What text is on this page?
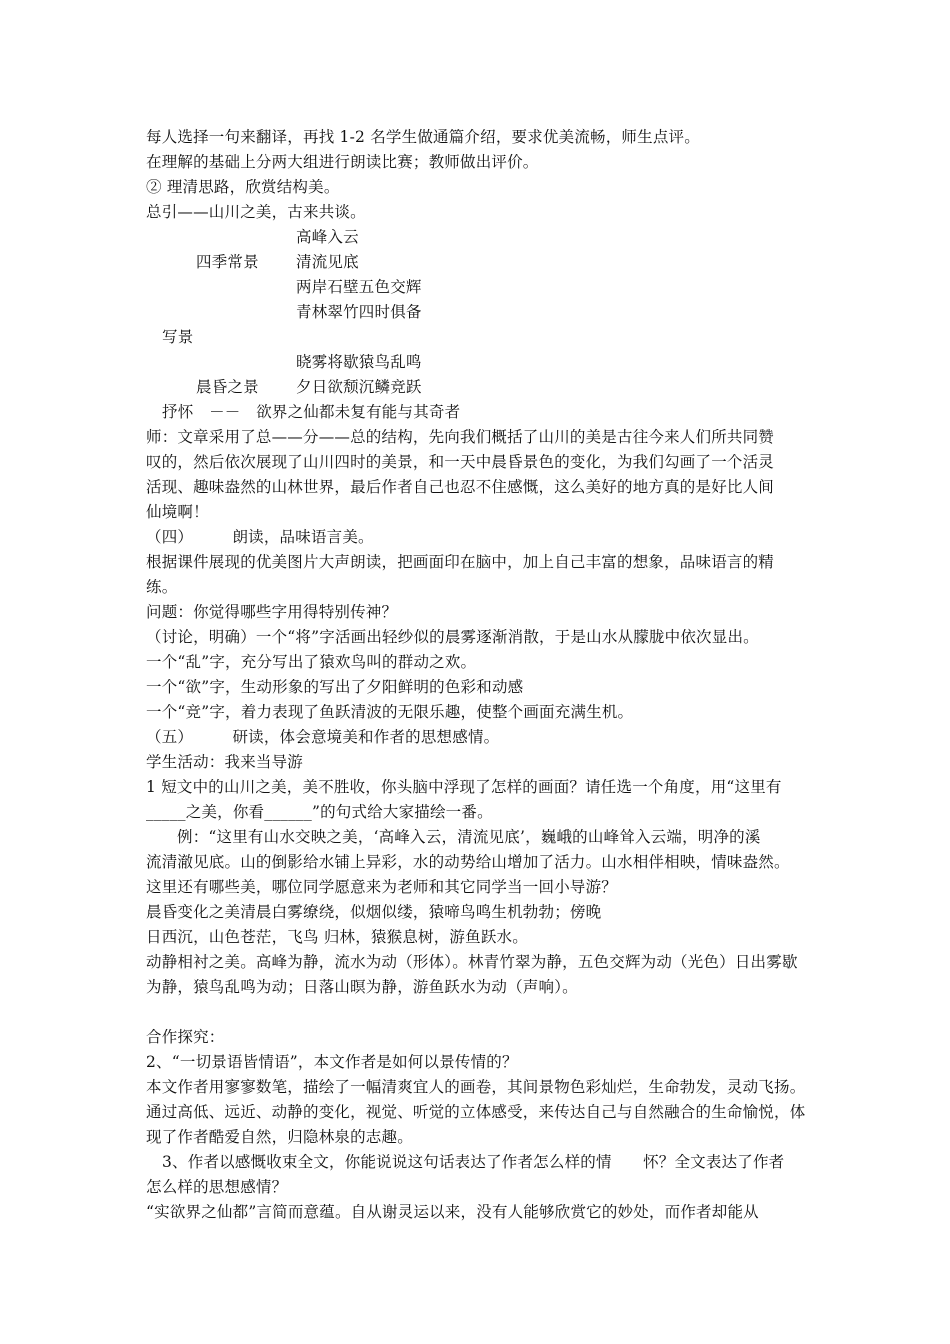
每人选择一句来翻译，再找 1-2 名学生做通篇介绍，要求优美流畅，师生点评。
在理解的基础上分两大组进行朗读比赛；教师做出评价。
② 理清思路，欣赏结构美。
总引——山川之美，古来共谈。
高峰入云
四季常景 清流见底
两岸石壁五色交辉
青林翠竹四时俱备
写景
晓雾将歇猿鸟乱鸣
晨昏之景 夕日欲颓沉鳞竞跃
抒怀　－－　欲界之仙都未复有能与其奇者
师：文章采用了总——分——总的结构，先向我们概括了山川的美是古往今来人们所共同赞
叹的，然后依次展现了山川四时的美景，和一天中晨昏景色的变化，为我们勾画了一个活灵
活现、趣味盎然的山林世界，最后作者自己也忍不住感慨，这么美好的地方真的是好比人间
仙境啊！
（四）　　　朗读，品味语言美。
根据课件展现的优美图片大声朗读，把画面印在脑中，加上自己丰富的想象，品味语言的精
练。
问题：你觉得哪些字用得特别传神？
（讨论，明确）一个“将”字活画出轻纱似的晨雾逐渐消散，于是山水从朦胧中依次显出。
一个“乱”字，充分写出了猿欢鸟叫的群动之欢。
一个“欲”字，生动形象的写出了夕阳鲜明的色彩和动感
一个“竞”字，着力表现了鱼跃清波的无限乐趣，使整个画面充满生机。
（五）　　　研读，体会意境美和作者的思想感情。
学生活动：我来当导游
1 短文中的山川之美，美不胜收，你头脑中浮现了怎样的画面？请任选一个角度，用“这里有
_____之美，你看______”的句式给大家描绘一番。
例：“这里有山水交映之美，‘高峰入云，清流见底’，巍峨的山峰耸入云端，明净的溪
流清澈见底。山的倒影给水铺上异彩，水的动势给山增加了活力。山水相伴相映，情味盎然。
这里还有哪些美，哪位同学愿意来为老师和其它同学当一回小导游？
晨昏变化之美清晨白雾缭绕，似烟似缕，猿啼鸟鸣生机勃勃；傍晚
日西沉，山色苍茫，飞鸟 归林，猿猴息树，游鱼跃水。
动静相衬之美。高峰为静，流水为动（形体）。林青竹翠为静，五色交辉为动（光色）日出雾歇
为静，猿鸟乱鸣为动；日落山暝为静，游鱼跃水为动（声响）。
合作探究：
2、“一切景语皆情语”，本文作者是如何以景传情的？
本文作者用寥寥数笔，描绘了一幅清爽宜人的画卷，其间景物色彩灿烂，生命勃发，灵动飞扬。
通过高低、远近、动静的变化，视觉、听觉的立体感受，来传达自己与自然融合的生命愉悦，体
现了作者酷爱自然，归隐林泉的志趣。
3、作者以感慨收束全文，你能说说这句话表达了作者怎么样的情　　怀？全文表达了作者
怎么样的思想感情？
“实欲界之仙都”言简而意蕴。自从谢灵运以来，没有人能够欣赏它的妙处，而作者却能从
